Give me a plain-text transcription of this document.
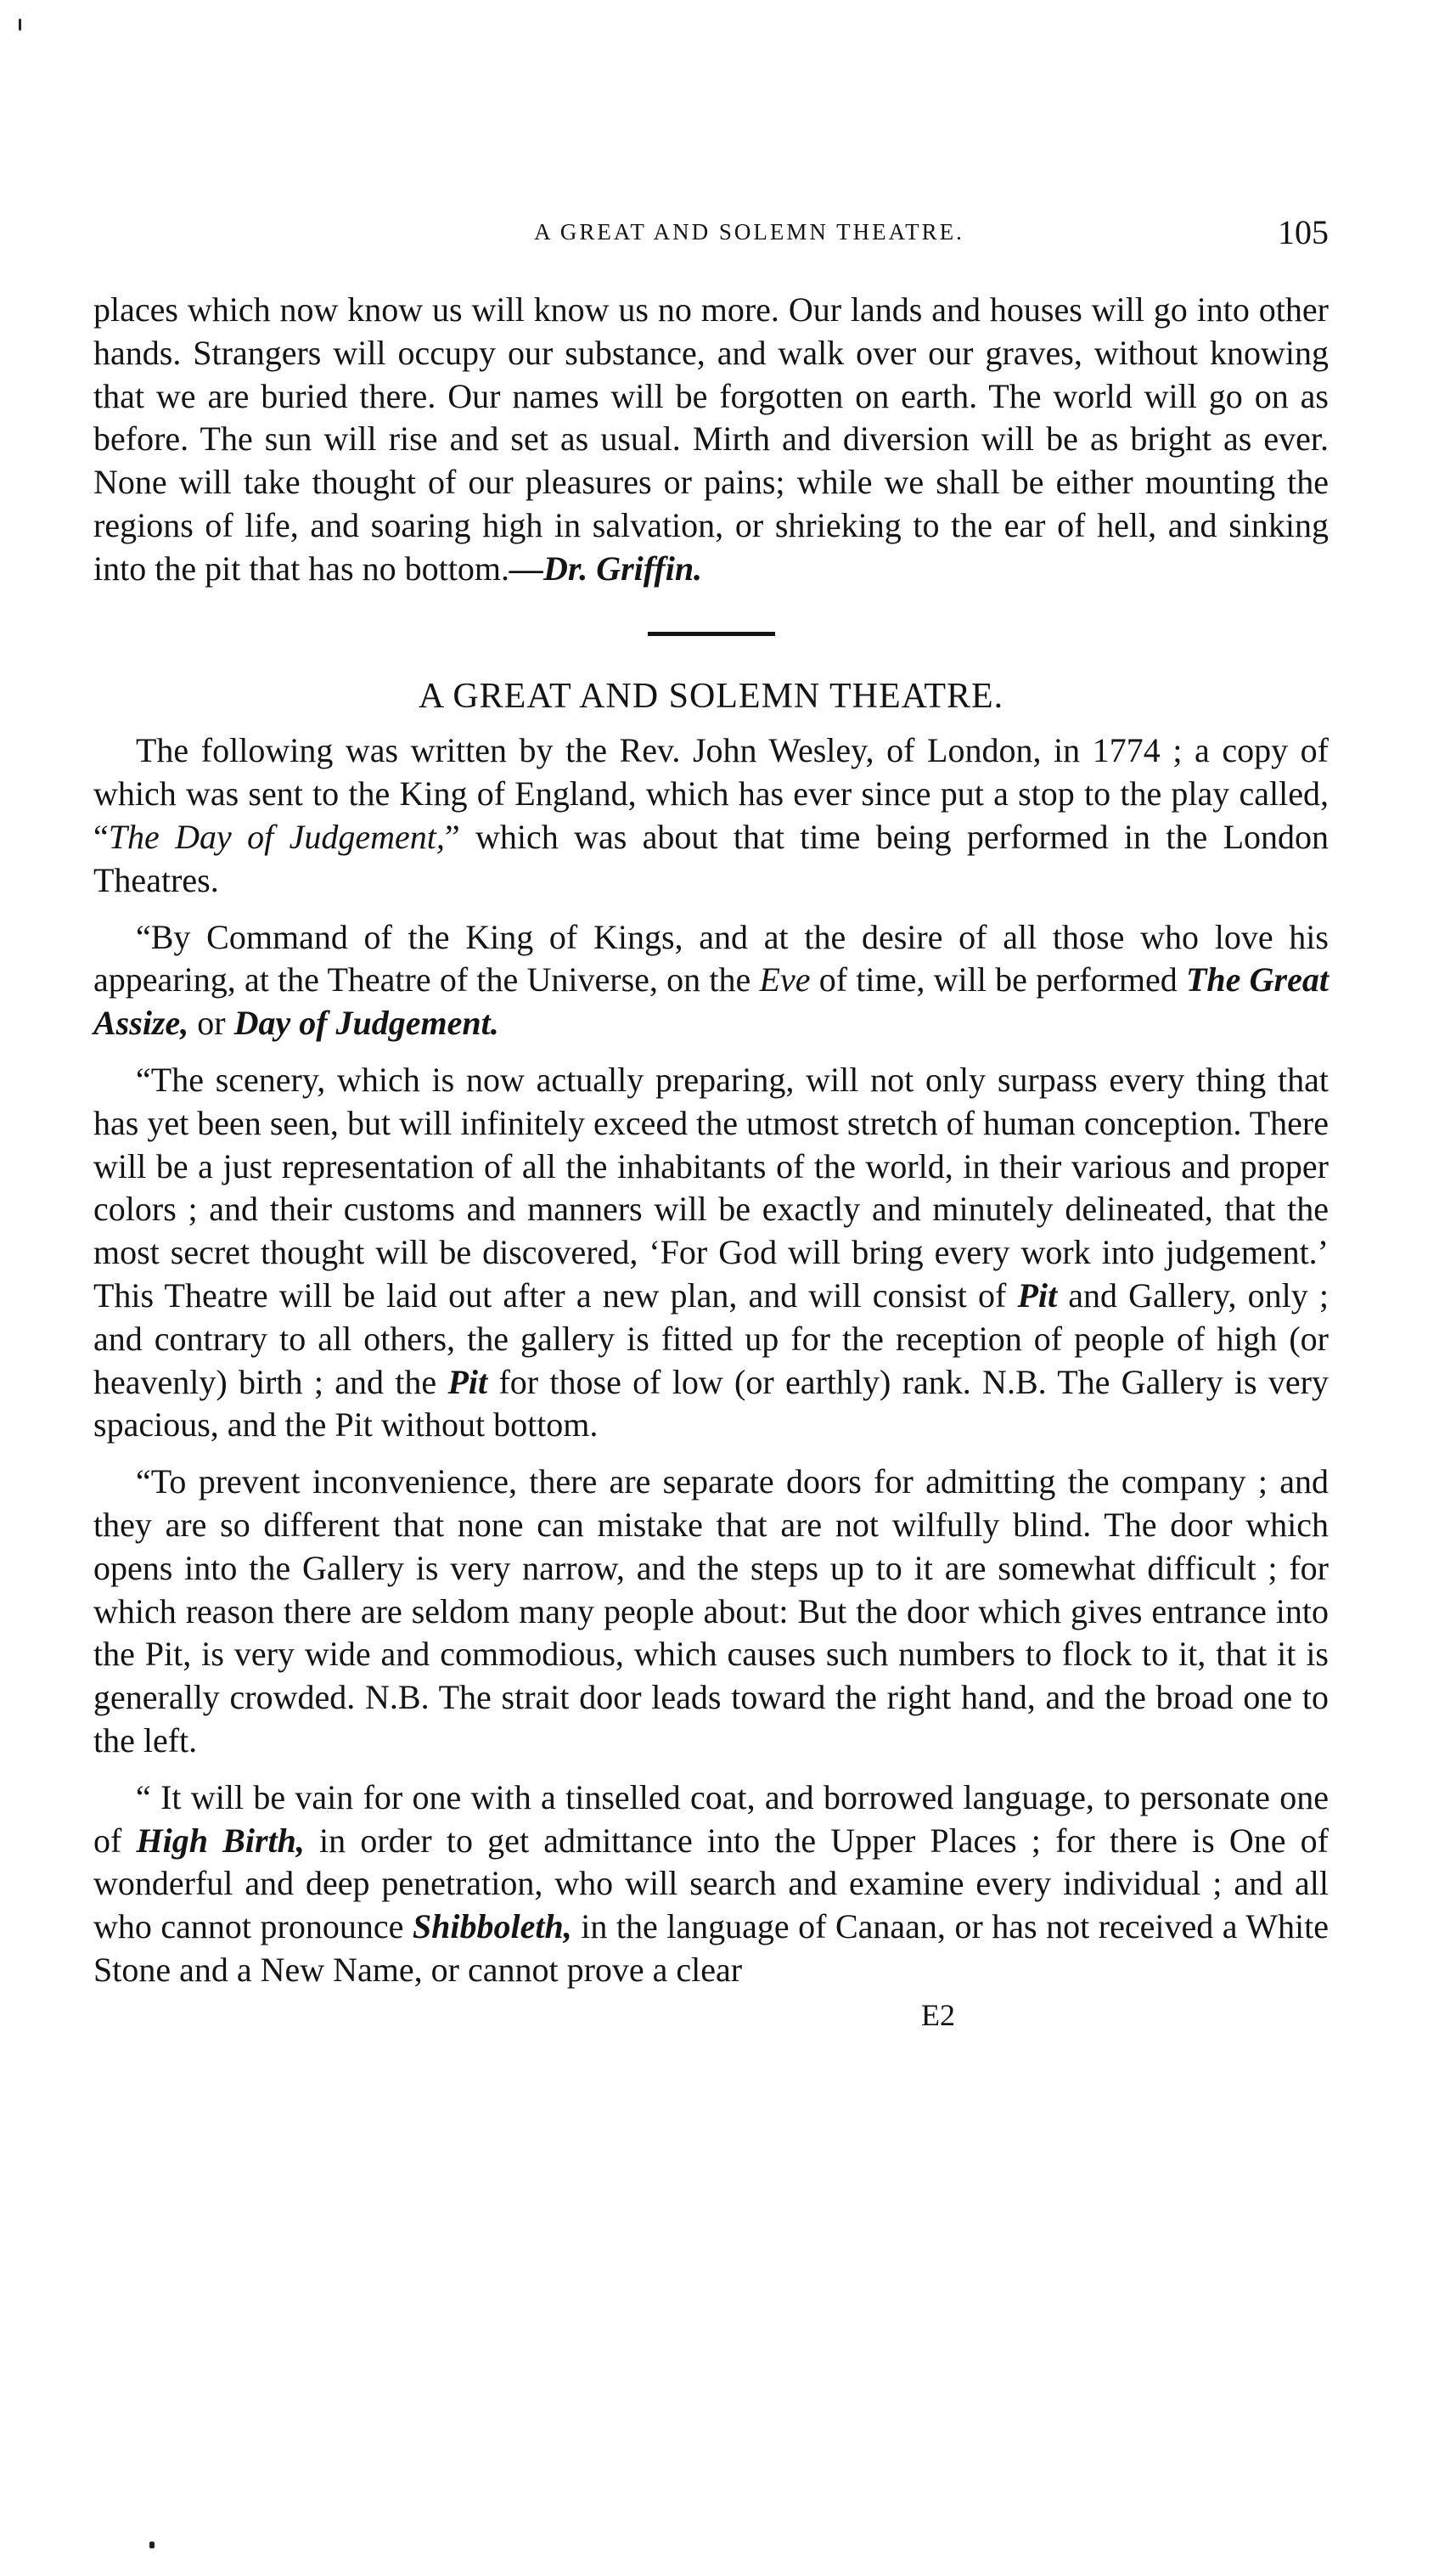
A GREAT AND SOLEMN THEATRE.	105

places which now know us will know us no more. Our lands and houses will go into other hands. Strangers will occupy our substance, and walk over our graves, without knowing that we are buried there. Our names will be forgotten on earth. The world will go on as before. The sun will rise and set as usual. Mirth and diversion will be as bright as ever. None will take thought of our pleasures or pains; while we shall be either mounting the regions of life, and soaring high in salvation, or shrieking to the ear of hell, and sinking into the pit that has no bottom.—Dr. Griffin.

A GREAT AND SOLEMN THEATRE.

The following was written by the Rev. John Wesley, of London, in 1774 ; a copy of which was sent to the King of England, which has ever since put a stop to the play called, “The Day of Judgement,” which was about that time being performed in the London Theatres.

“By Command of the King of Kings, and at the desire of all those who love his appearing, at the Theatre of the Universe, on the Eve of time, will be performed The Great Assize, or Day of Judgement.

“The scenery, which is now actually preparing, will not only surpass every thing that has yet been seen, but will infinitely exceed the utmost stretch of human conception. There will be a just representation of all the inhabitants of the world, in their various and proper colors ; and their customs and manners will be exactly and minutely delineated, that the most secret thought will be discovered, ‘For God will bring every work into judgement.’ This Theatre will be laid out after a new plan, and will consist of Pit and Gallery, only ; and contrary to all others, the gallery is fitted up for the reception of people of high (or heavenly) birth ; and the Pit for those of low (or earthly) rank. N.B. The Gallery is very spacious, and the Pit without bottom.

“To prevent inconvenience, there are separate doors for admitting the company ; and they are so different that none can mistake that are not wilfully blind. The door which opens into the Gallery is very narrow, and the steps up to it are somewhat difficult ; for which reason there are seldom many people about: But the door which gives entrance into the Pit, is very wide and commodious, which causes such numbers to flock to it, that it is generally crowded. N.B. The strait door leads toward the right hand, and the broad one to the left.

“ It will be vain for one with a tinselled coat, and borrowed language, to personate one of High Birth, in order to get admittance into the Upper Places ; for there is One of wonderful and deep penetration, who will search and examine every individual ; and all who cannot pronounce Shibboleth, in the language of Canaan, or has not received a White Stone and a New Name, or cannot prove a clear

E2
